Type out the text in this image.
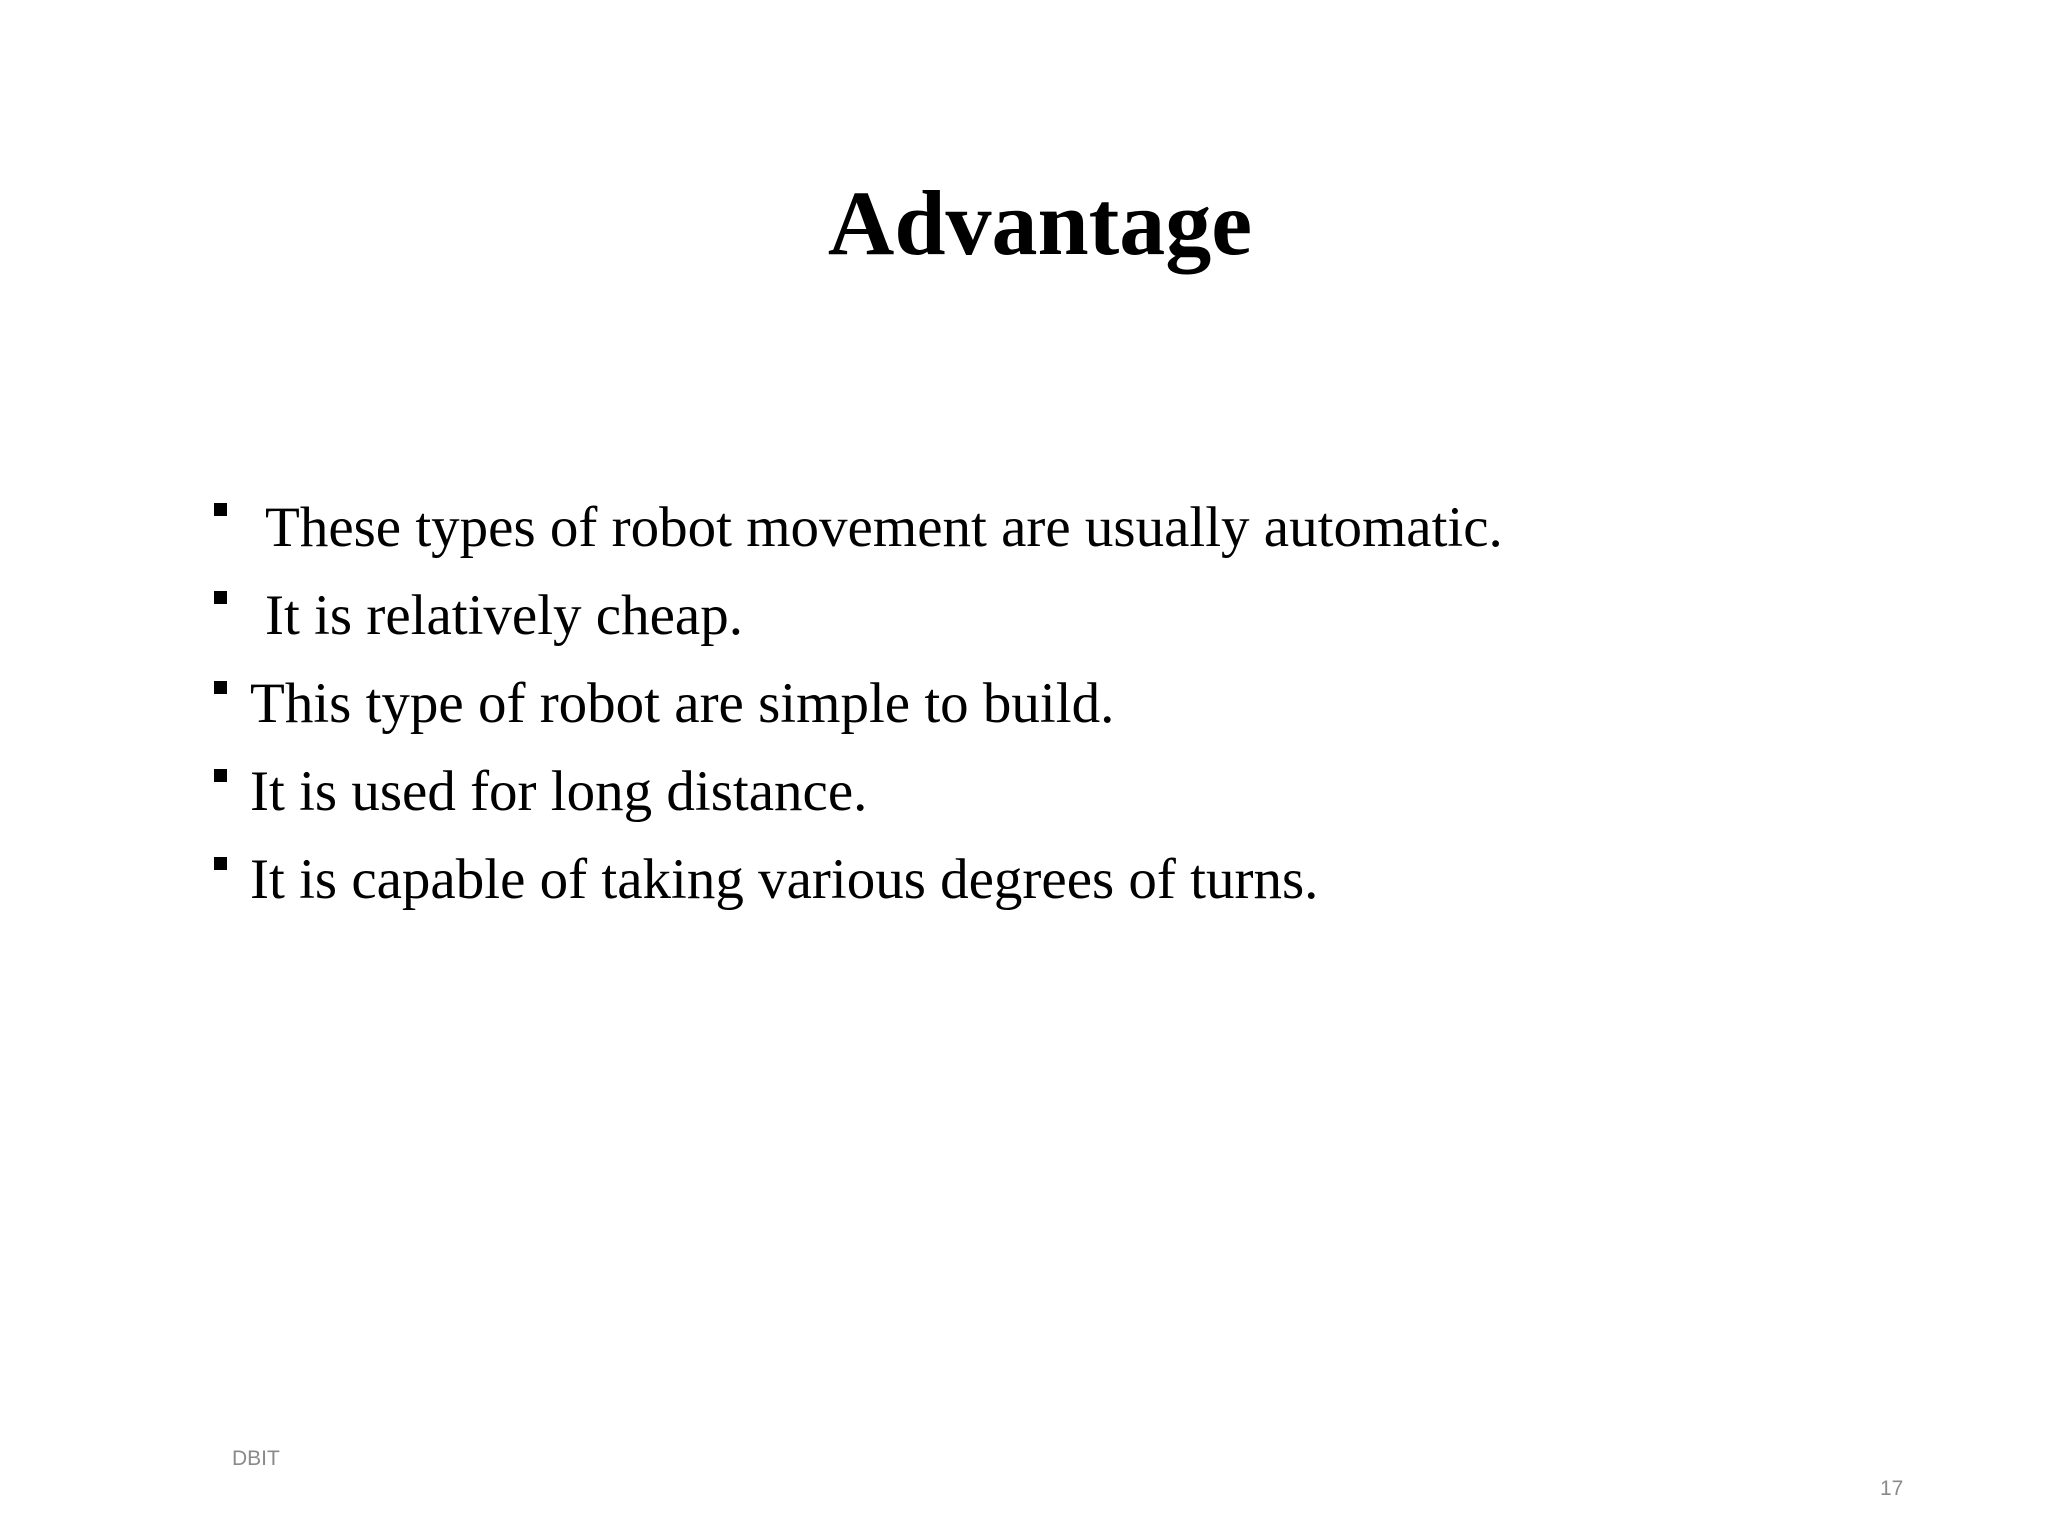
Advantage
These types of robot movement are usually automatic.
It is relatively cheap.
This type of robot are simple to build.
It is used for long distance.
It is capable of taking various degrees of turns.
DBIT
17
